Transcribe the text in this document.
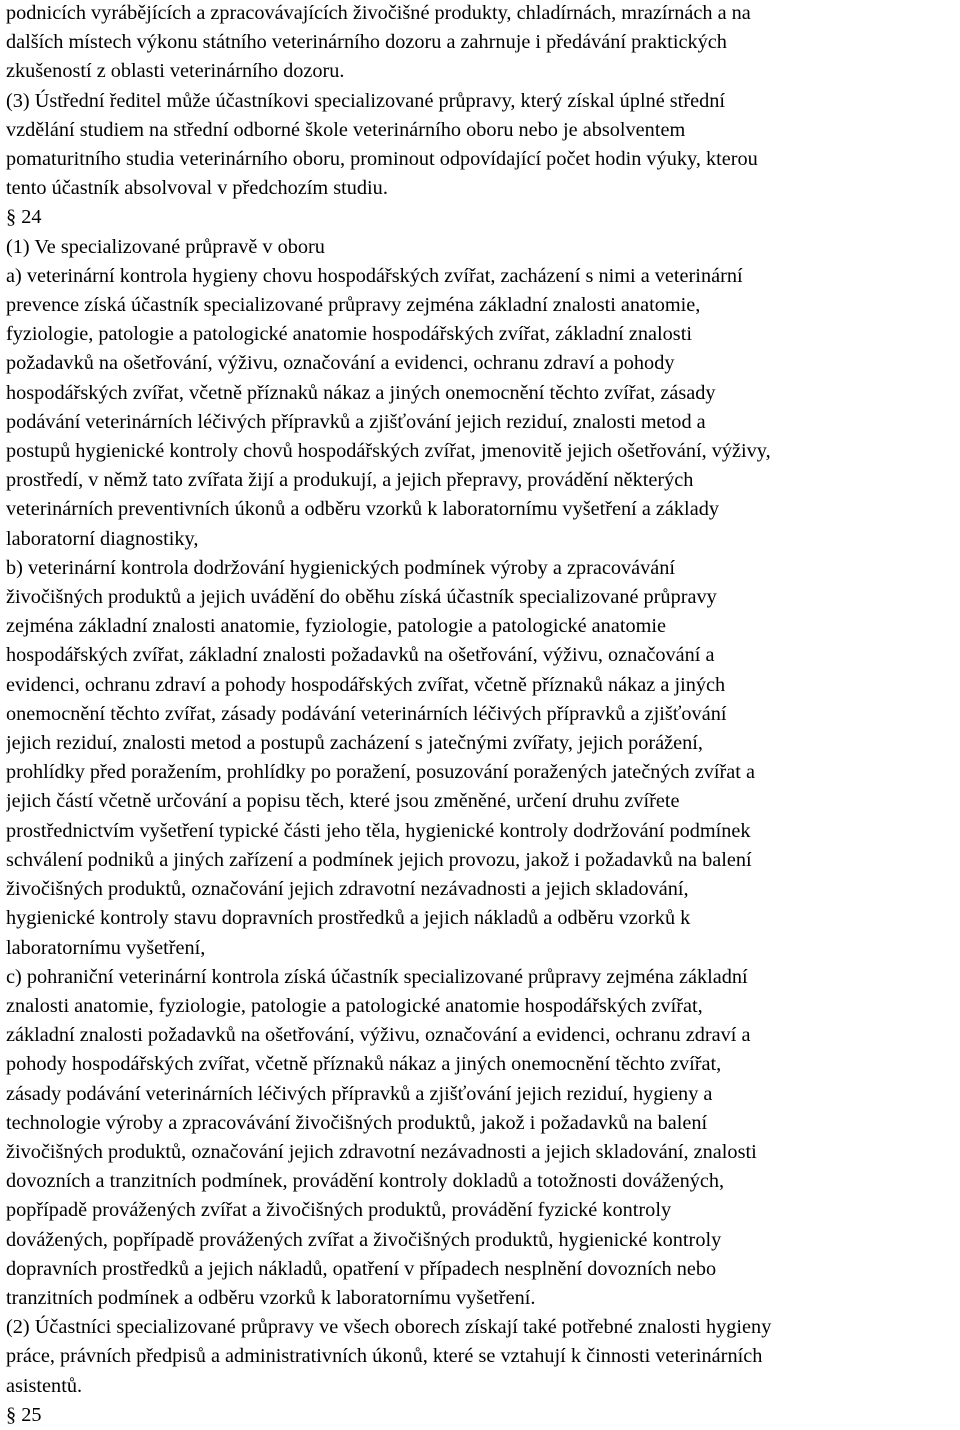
podnicích vyrábějících a zpracovávajících živočišné produkty, chladírnách, mrazírnách a na
dalších místech výkonu státního veterinárního dozoru a zahrnuje i předávání praktických
zkušeností z oblasti veterinárního dozoru.
(3) Ústřední ředitel může účastníkovi specializované průpravy, který získal úplné střední
vzdělání studiem na střední odborné škole veterinárního oboru nebo je absolventem
pomaturitního studia veterinárního oboru, prominout odpovídající počet hodin výuky, kterou
tento účastník absolvoval v předchozím studiu.
§ 24
(1) Ve specializované průpravě v oboru
a) veterinární kontrola hygieny chovu hospodářských zvířat, zacházení s nimi a veterinární
prevence získá účastník specializované průpravy zejména základní znalosti anatomie,
fyziologie, patologie a patologické anatomie hospodářských zvířat, základní znalosti
požadavků na ošetřování, výživu, označování a evidenci, ochranu zdraví a pohody
hospodářských zvířat, včetně příznaků nákaz a jiných onemocnění těchto zvířat, zásady
podávání veterinárních léčivých přípravků a zjišťování jejich reziduí, znalosti metod a
postupů hygienické kontroly chovů hospodářských zvířat, jmenovitě jejich ošetřování, výživy,
prostředí, v němž tato zvířata žijí a produkují, a jejich přepravy, provádění některých
veterinárních preventivních úkonů a odběru vzorků k laboratornímu vyšetření a základy
laboratorní diagnostiky,
b) veterinární kontrola dodržování hygienických podmínek výroby a zpracovávání
živočišných produktů a jejich uvádění do oběhu získá účastník specializované průpravy
zejména základní znalosti anatomie, fyziologie, patologie a patologické anatomie
hospodářských zvířat, základní znalosti požadavků na ošetřování, výživu, označování a
evidenci, ochranu zdraví a pohody hospodářských zvířat, včetně příznaků nákaz a jiných
onemocnění těchto zvířat, zásady podávání veterinárních léčivých přípravků a zjišťování
jejich reziduí, znalosti metod a postupů zacházení s jatečnými zvířaty, jejich porážení,
prohlídky před poražením, prohlídky po poražení, posuzování poražených jatečných zvířat a
jejich částí včetně určování a popisu těch, které jsou změněné, určení druhu zvířete
prostřednictvím vyšetření typické části jeho těla, hygienické kontroly dodržování podmínek
schválení podniků a jiných zařízení a podmínek jejich provozu, jakož i požadavků na balení
živočišných produktů, označování jejich zdravotní nezávadnosti a jejich skladování,
hygienické kontroly stavu dopravních prostředků a jejich nákladů a odběru vzorků k
laboratornímu vyšetření,
c) pohraniční veterinární kontrola získá účastník specializované průpravy zejména základní
znalosti anatomie, fyziologie, patologie a patologické anatomie hospodářských zvířat,
základní znalosti požadavků na ošetřování, výživu, označování a evidenci, ochranu zdraví a
pohody hospodářských zvířat, včetně příznaků nákaz a jiných onemocnění těchto zvířat,
zásady podávání veterinárních léčivých přípravků a zjišťování jejich reziduí, hygieny a
technologie výroby a zpracovávání živočišných produktů, jakož i požadavků na balení
živočišných produktů, označování jejich zdravotní nezávadnosti a jejich skladování, znalosti
dovozních a tranzitních podmínek, provádění kontroly dokladů a totožnosti dovážených,
popřípadě provážených zvířat a živočišných produktů, provádění fyzické kontroly
dovážených, popřípadě provážených zvířat a živočišných produktů, hygienické kontroly
dopravních prostředků a jejich nákladů, opatření v případech nesplnění dovozních nebo
tranzitních podmínek a odběru vzorků k laboratornímu vyšetření.
(2) Účastníci specializované průpravy ve všech oborech získají také potřebné znalosti hygieny
práce, právních předpisů a administrativních úkonů, které se vztahují k činnosti veterinárních
asistentů.
§ 25
